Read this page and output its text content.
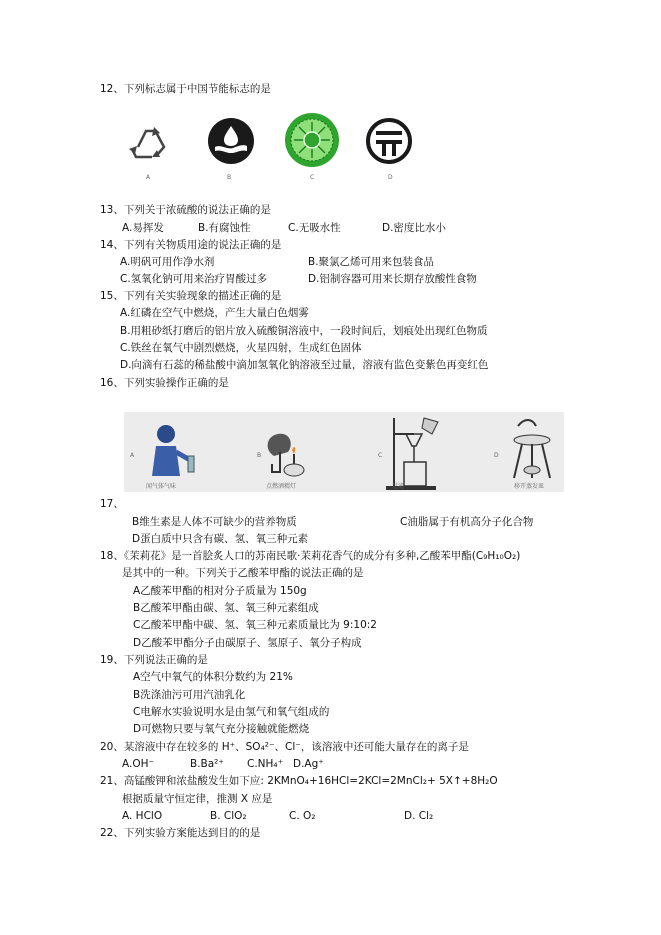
12、下列标志属于中国节能标志的是
A	B	C	D
13、下列关于浓硫酸的说法正确的是
A.易挥发	B.有腐蚀性	C.无吸水性	D.密度比水小
14、下列有关物质用途的说法正确的是
A.明矾可用作净水剂	B.聚氯乙烯可用来包装食品
C.氢氧化钠可用来治疗胃酸过多	D.铝制容器可用来长期存放酸性食物
15、下列有关实验现象的描述正确的是
A.红磷在空气中燃烧，产生大量白色烟雾
B.用粗砂纸打磨后的铝片放入硫酸铜溶液中，一段时间后，划痕处出现红色物质
C.铁丝在氧气中剧烈燃烧，火星四射，生成红色固体
D.向滴有石蕊的稀盐酸中滴加氢氧化钠溶液至过量，溶液有监色变紫色再变红色
16、下列实验操作正确的是
A	B	C	D
闻气体气味	点燃酒精灯	过滤	移开蒸发皿
17、
B维生素是人体不可缺少的营养物质	C油脂属于有机高分子化合物
D蛋白质中只含有碳、氢、氧三种元素
18、《茉莉花》是一首脍炙人口的苏南民歌·茉莉花香气的成分有多种,乙酸苯甲酯(C₉H₁₀O₂)
是其中的一种。下列关于乙酸苯甲酯的说法正确的是
A乙酸苯甲酯的相对分子质量为 150g
B乙酸苯甲酯由碳、氢、氧三种元素组成
C乙酸苯甲酯中碳、氢、氧三种元素质量比为 9:10:2
D乙酸苯甲酯分子由碳原子、氢原子、氧分子构成
19、下列说法正确的是
A空气中氧气的体积分数约为 21%
B洗涤油污可用汽油乳化
C电解水实验说明水是由氢气和氧气组成的
D可燃物只要与氧气充分接触就能燃烧
20、某溶液中存在较多的 H⁺、SO₄²⁻、Cl⁻，该溶液中还可能大量存在的离子是
A.OH⁻	B.Ba²⁺ C.NH₄⁺ D.Ag⁺
21、高锰酸钾和浓盐酸发生如下应: 2KMnO₄+16HCl=2KCl=2MnCl₂+ 5X↑+8H₂O
根据质量守恒定律，推测 X 应是
A. HClO	B. ClO₂	C. O₂	D. Cl₂
22、下列实验方案能达到目的的是
